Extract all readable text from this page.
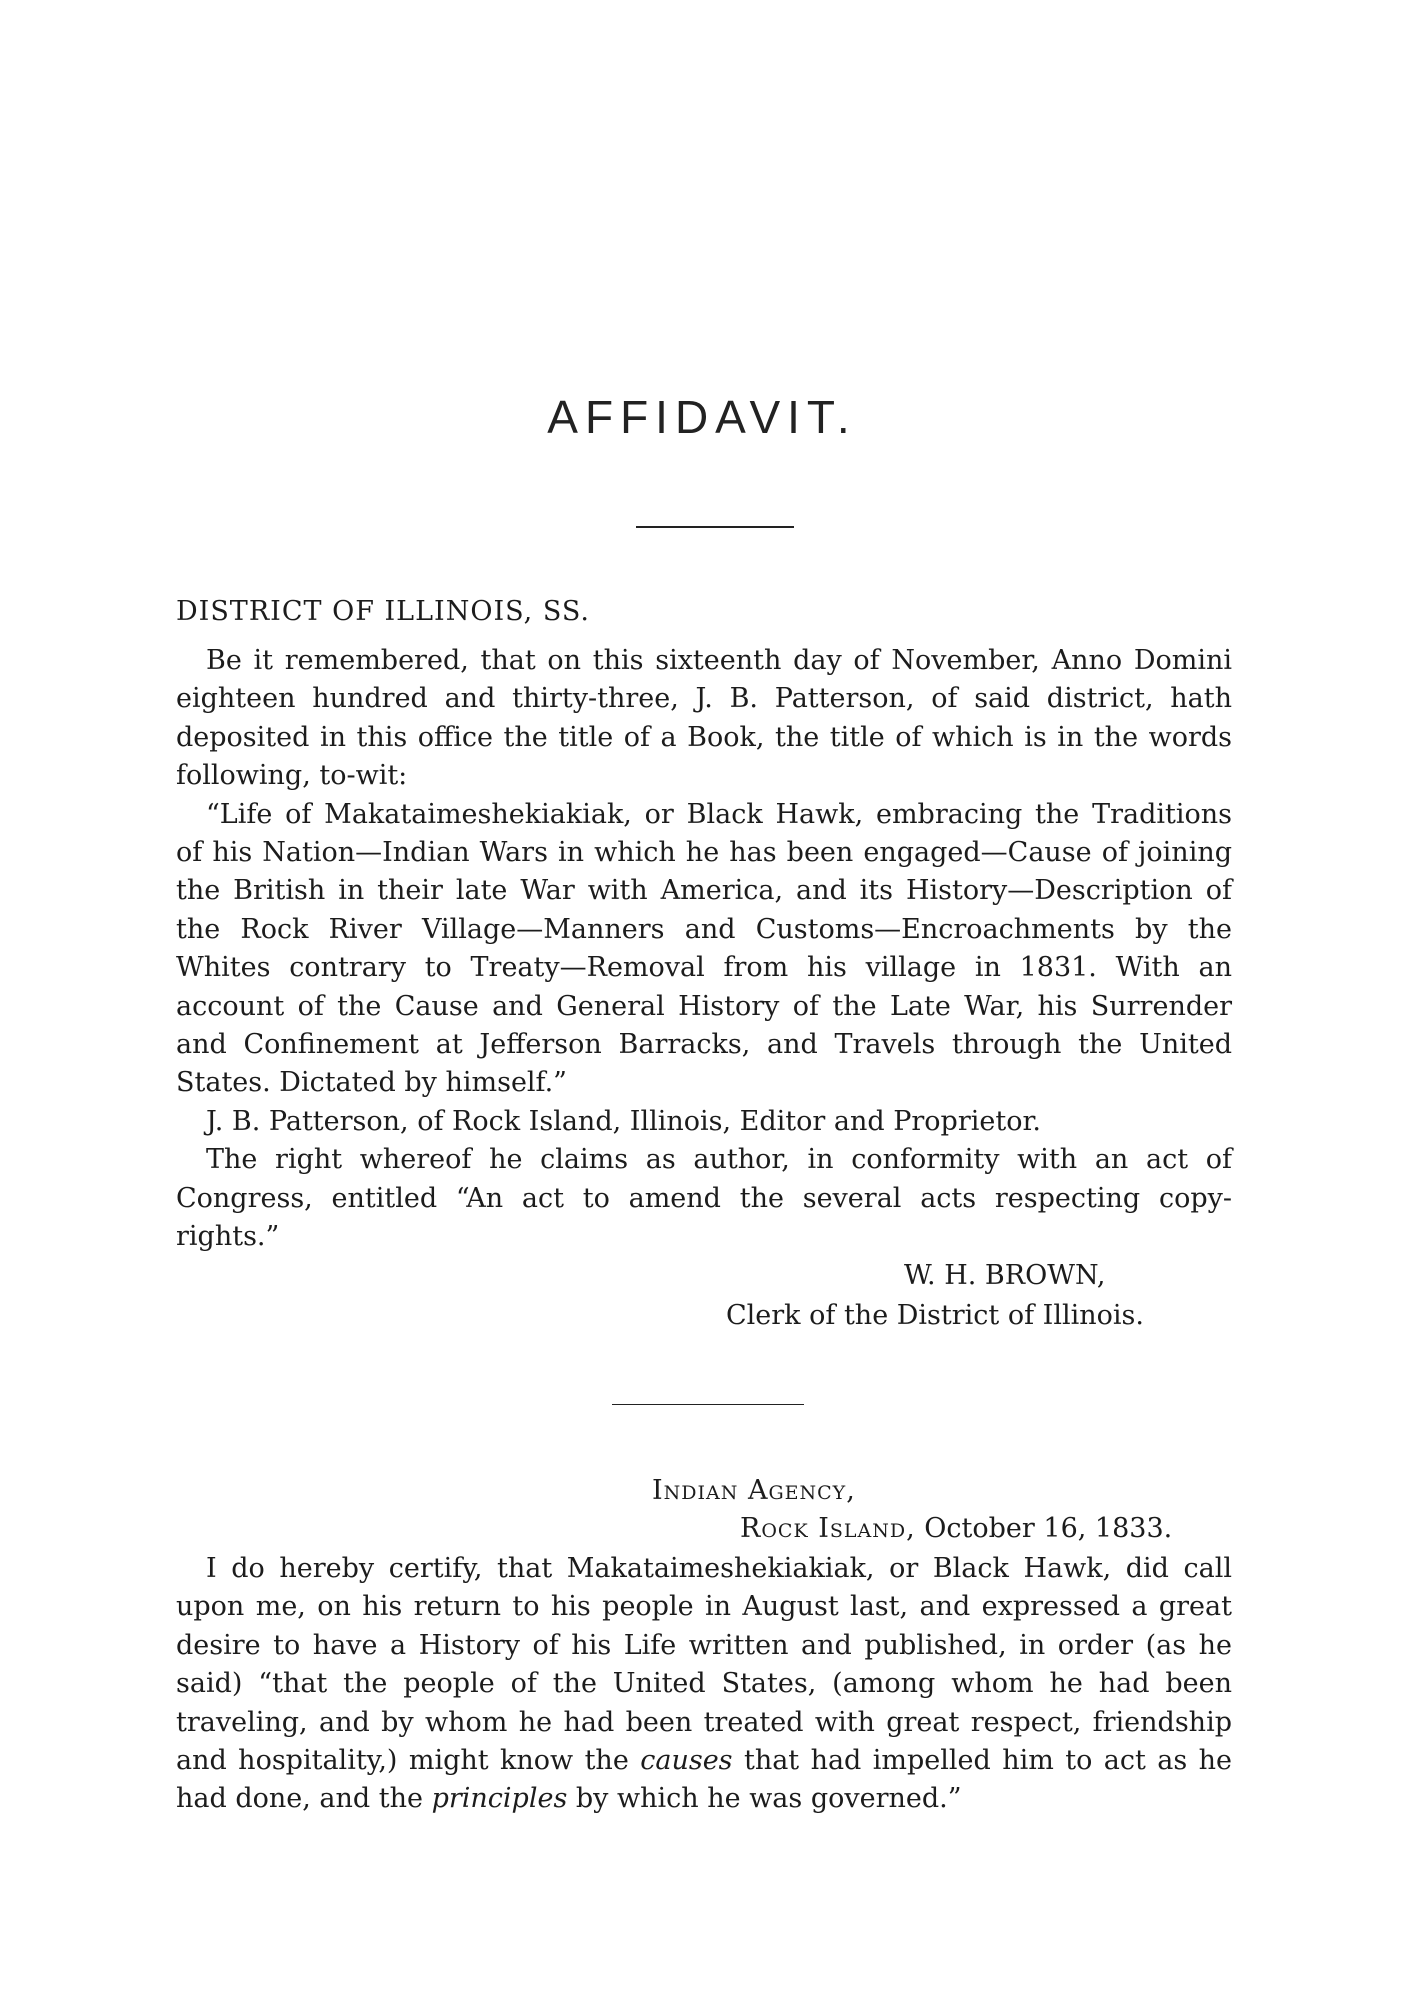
AFFIDAVIT.
DISTRICT OF ILLINOIS, SS.

Be it remembered, that on this sixteenth day of November, Anno Domini eighteen hundred and thirty-three, J. B. Patterson, of said district, hath deposited in this office the title of a Book, the title of which is in the words following, to-wit:

“Life of Makataimeshekiakiak, or Black Hawk, embracing the Traditions of his Nation—Indian Wars in which he has been engaged—Cause of joining the British in their late War with America, and its History—Description of the Rock River Village—Manners and Customs—Encroachments by the Whites contrary to Treaty—Removal from his village in 1831. With an account of the Cause and General History of the Late War, his Surrender and Confinement at Jefferson Barracks, and Travels through the United States. Dictated by himself.”

J. B. Patterson, of Rock Island, Illinois, Editor and Proprietor.

The right whereof he claims as author, in conformity with an act of Congress, entitled “An act to amend the several acts respecting copy-rights.”

W. H. BROWN,
Clerk of the District of Illinois.
Indian Agency,
Rock Island, October 16, 1833.

I do hereby certify, that Makataimeshekiakiak, or Black Hawk, did call upon me, on his return to his people in August last, and expressed a great desire to have a History of his Life written and published, in order (as he said) “that the people of the United States, (among whom he had been traveling, and by whom he had been treated with great respect, friendship and hospitality,) might know the causes that had impelled him to act as he had done, and the principles by which he was governed.”
